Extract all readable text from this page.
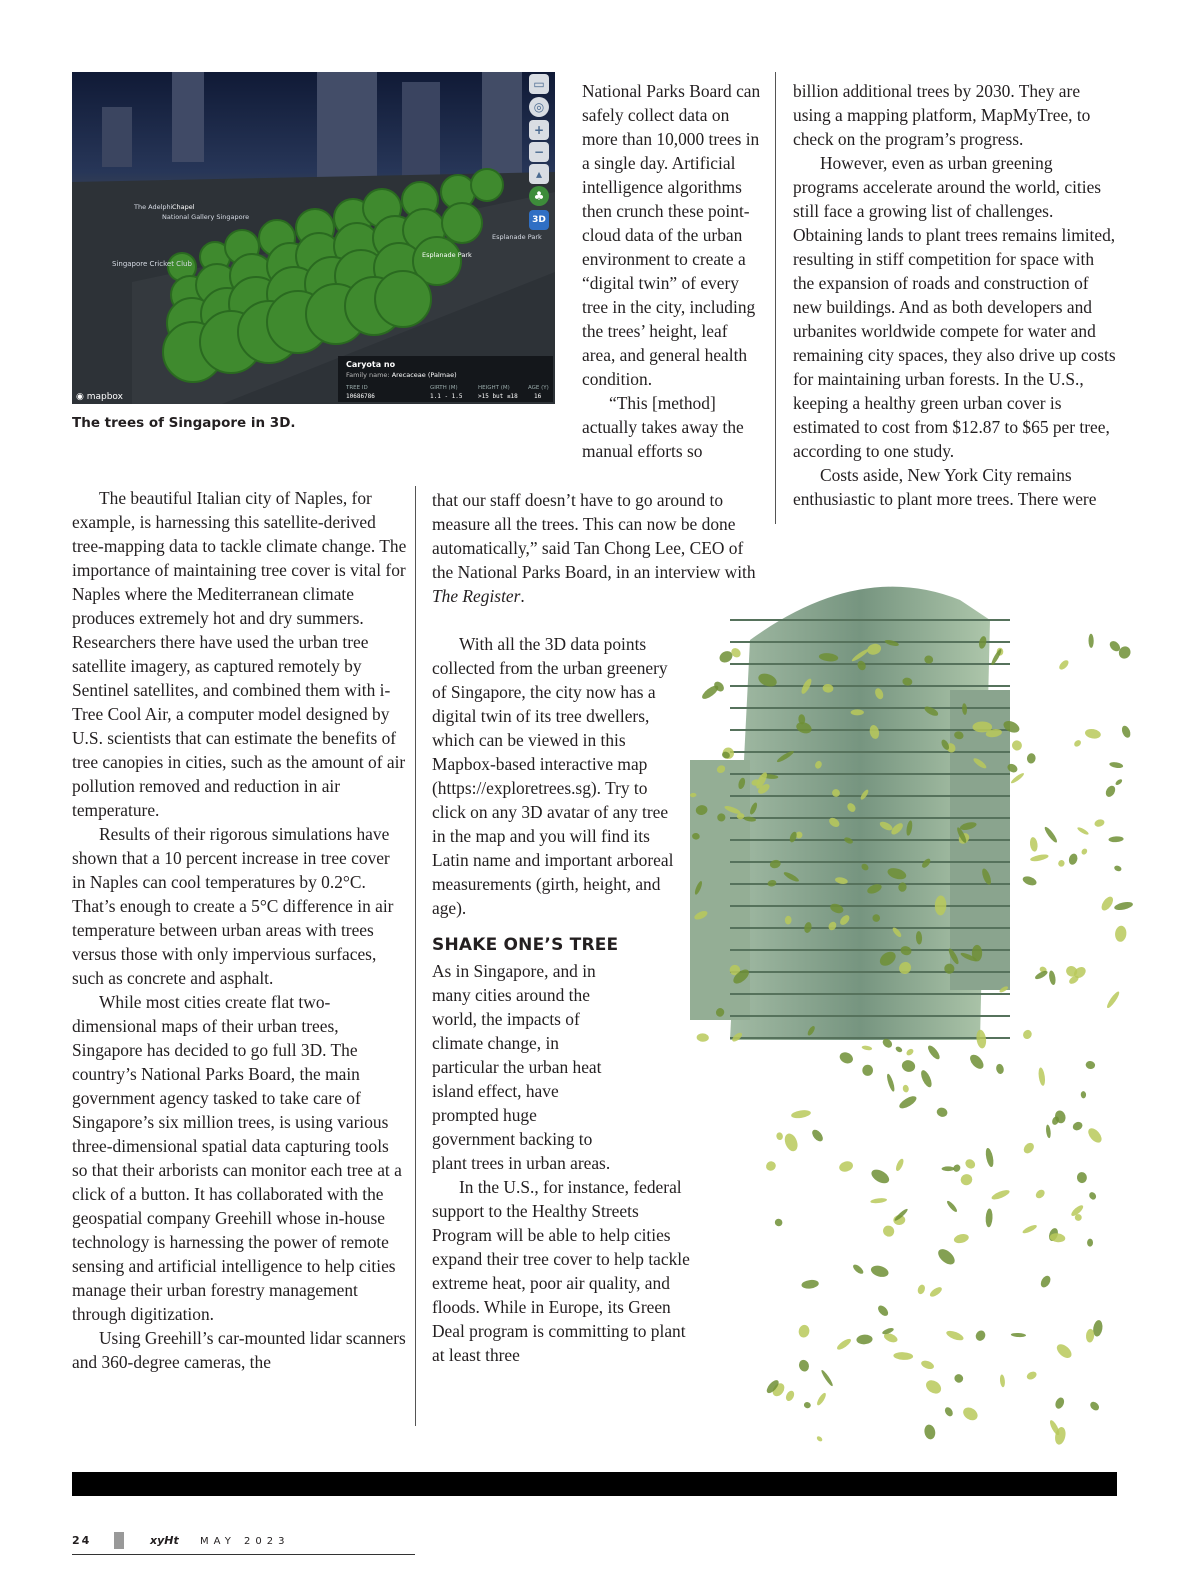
The Adelphi Chapel
National Gallery Singapore
Singapore Cricket Club
Esplanade Park
Esplanade Park
▭
◎
+
−
▴
♣
3D
Caryota no
Family name: Arecaceae (Palmae)
TREE ID	GIRTH (M)	HEIGHT (M)	AGE (Y)
10686786	1.1 - 1.5	>15 but ≤18	16
◉ mapbox
The trees of Singapore in 3D.

The beautiful Italian city of Naples, for example, is harnessing this satellite-derived tree-mapping data to tackle climate change. The importance of maintaining tree cover is vital for Naples where the Mediterranean climate produces extremely hot and dry summers. Researchers there have used the urban tree satellite imagery, as captured remotely by Sentinel satellites, and combined them with i-Tree Cool Air, a computer model designed by U.S. scientists that can estimate the benefits of tree canopies in cities, such as the amount of air pollution removed and reduction in air temperature.

Results of their rigorous simulations have shown that a 10 percent increase in tree cover in Naples can cool temperatures by 0.2°C. That’s enough to create a 5°C difference in air temperature between urban areas with trees versus those with only impervious surfaces, such as concrete and asphalt.

While most cities create flat two-dimensional maps of their urban trees, Singapore has decided to go full 3D. The country’s National Parks Board, the main government agency tasked to take care of Singapore’s six million trees, is using various three-dimensional spatial data capturing tools so that their arborists can monitor each tree at a click of a button. It has collaborated with the geospatial company Greehill whose in-house technology is harnessing the power of remote sensing and artificial intelligence to help cities manage their urban forestry management through digitization.

Using Greehill’s car-mounted lidar scanners and 360-degree cameras, the

National Parks Board can safely collect data on more than 10,000 trees in a single day. Artificial intelligence algorithms then crunch these point-cloud data of the urban environment to create a “digital twin” of every tree in the city, including the trees’ height, leaf area, and general health condition.

“This [method] actually takes away the manual efforts so

that our staff doesn’t have to go around to measure all the trees. This can now be done automatically,” said Tan Chong Lee, CEO of the National Parks Board, in an interview with The Register.

With all the 3D data points collected from the urban greenery of Singapore, the city now has a digital twin of its tree dwellers, which can be viewed in this Mapbox-based interactive map (https://exploretrees.sg). Try to click on any 3D avatar of any tree in the map and you will find its Latin name and important arboreal measurements (girth, height, and age).

SHAKE ONE’S TREE

As in Singapore, and in many cities around the world, the impacts of climate change, in particular the urban heat island effect, have prompted huge government backing to plant trees in urban areas.

In the U.S., for instance, federal support to the Healthy Streets Program will be able to help cities expand their tree cover to help tackle extreme heat, poor air quality, and floods. While in Europe, its Green Deal program is committing to plant at least three

billion additional trees by 2030. They are using a mapping platform, MapMyTree, to check on the program’s progress.

However, even as urban greening programs accelerate around the world, cities still face a growing list of challenges. Obtaining lands to plant trees remains limited, resulting in stiff competition for space with the expansion of roads and construction of new buildings. And as both developers and urbanites worldwide compete for water and remaining city spaces, they also drive up costs for maintaining urban forests. In the U.S., keeping a healthy green urban cover is estimated to cost from $12.87 to $65 per tree, according to one study.

Costs aside, New York City remains enthusiastic to plant more trees. There were

24	xyHt MAY 2023
